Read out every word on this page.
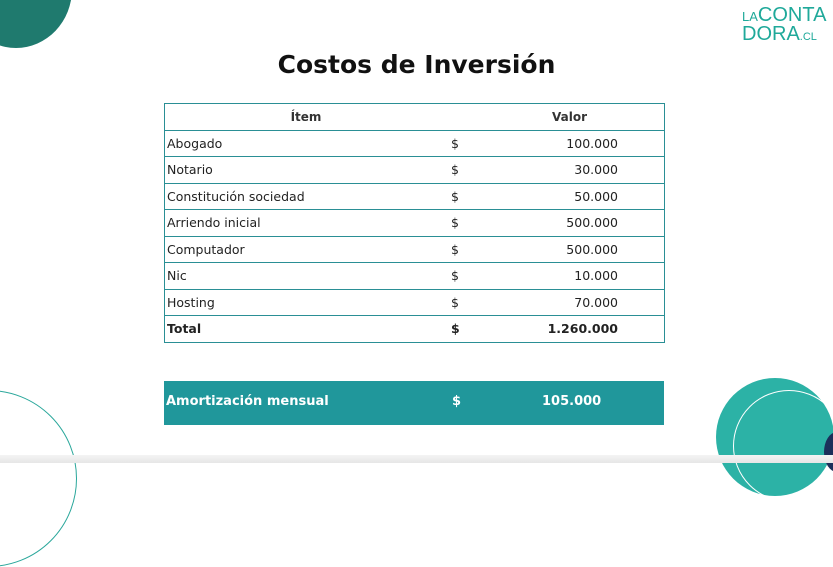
LACONTA
DORA.CL
Costos de Inversión
Ítem		Valor
Abogado	$	100.000
Notario	$	30.000
Constitución sociedad	$	50.000
Arriendo inicial	$	500.000
Computador	$	500.000
Nic	$	10.000
Hosting	$	70.000
Total	$	1.260.000
Amortización mensual	$	105.000
